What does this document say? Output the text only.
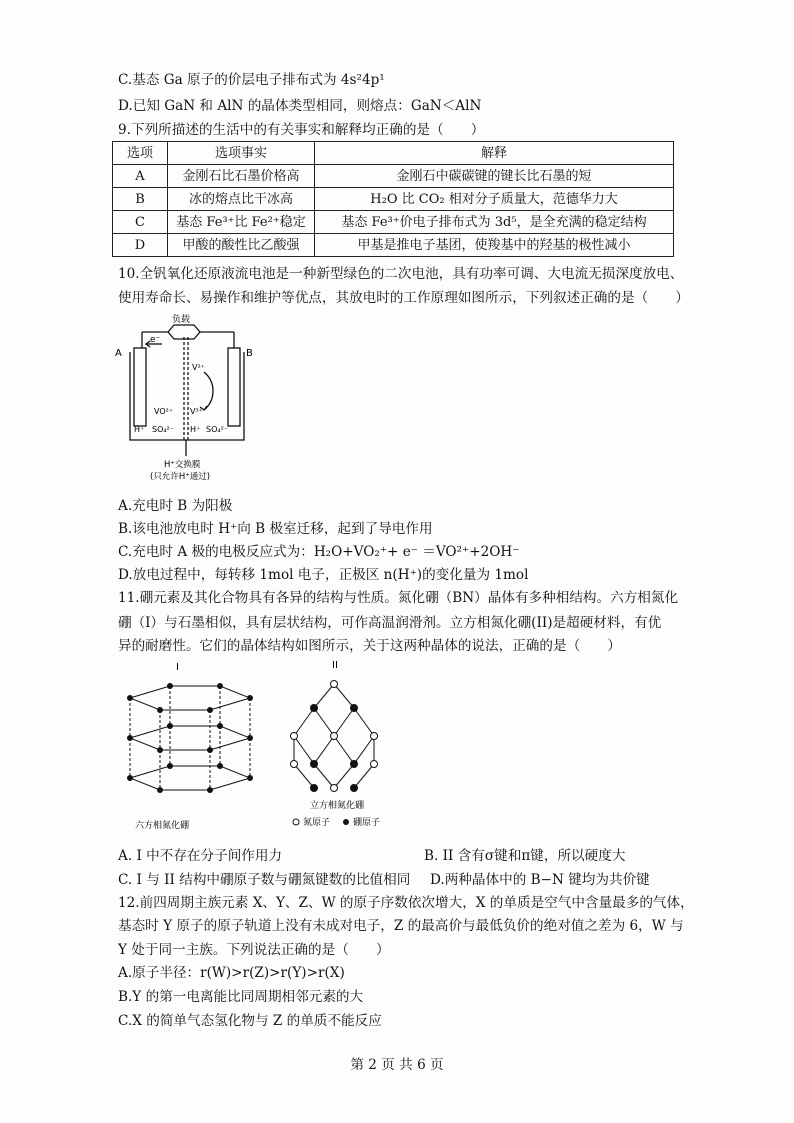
C.基态 Ga 原子的价层电子排布式为 4s²4p¹
D.已知 GaN 和 AlN 的晶体类型相同，则熔点：GaN＜AlN
9.下列所描述的生活中的有关事实和解释均正确的是（　　）
选项	选项事实	解释
A	金刚石比石墨价格高	金刚石中碳碳键的键长比石墨的短
B	冰的熔点比干冰高	H₂O 比 CO₂ 相对分子质量大，范德华力大
C	基态 Fe³⁺比 Fe²⁺稳定	基态 Fe³⁺价电子排布式为 3d⁵，是全充满的稳定结构
D	甲酸的酸性比乙酸强	甲基是推电子基团，使羧基中的羟基的极性减小
10.全钒氧化还原液流电池是一种新型绿色的二次电池，具有功率可调、大电流无损深度放电、
使用寿命长、易操作和维护等优点，其放电时的工作原理如图所示，下列叙述正确的是（　　）
负载
e⁻
A	B
V²⁺
VO²⁺ V³⁺
H⁺ SO₄²⁻ H⁺ SO₄²⁻
H⁺交换膜
(只允许H⁺通过)
A.充电时 B 为阳极
B.该电池放电时 H⁺向 B 极室迁移，起到了导电作用
C.充电时 A 极的电极反应式为：H₂O+VO₂⁺+ e⁻ ＝VO²⁺+2OH⁻
D.放电过程中，每转移 1mol 电子，正极区 n(H⁺)的变化量为 1mol
11.硼元素及其化合物具有各异的结构与性质。氮化硼（BN）晶体有多种相结构。六方相氮化
硼（I）与石墨相似，具有层状结构，可作高温润滑剂。立方相氮化硼(II)是超硬材料，有优
异的耐磨性。它们的晶体结构如图所示，关于这两种晶体的说法，正确的是（　　）
I	II
六方相氮化硼
立方相氮化硼
氮原子	硼原子
A. I 中不存在分子间作用力	B. II 含有σ键和π键，所以硬度大
C. I 与 II 结构中硼原子数与硼氮键数的比值相同 D.两种晶体中的 B−N 键均为共价键
12.前四周期主族元素 X、Y、Z、W 的原子序数依次增大，X 的单质是空气中含量最多的气体，
基态时 Y 原子的原子轨道上没有未成对电子，Z 的最高价与最低负价的绝对值之差为 6，W 与
Y 处于同一主族。下列说法正确的是（　　）
A.原子半径：r(W)>r(Z)>r(Y)>r(X)
B.Y 的第一电离能比同周期相邻元素的大
C.X 的简单气态氢化物与 Z 的单质不能反应
第 2 页 共 6 页
